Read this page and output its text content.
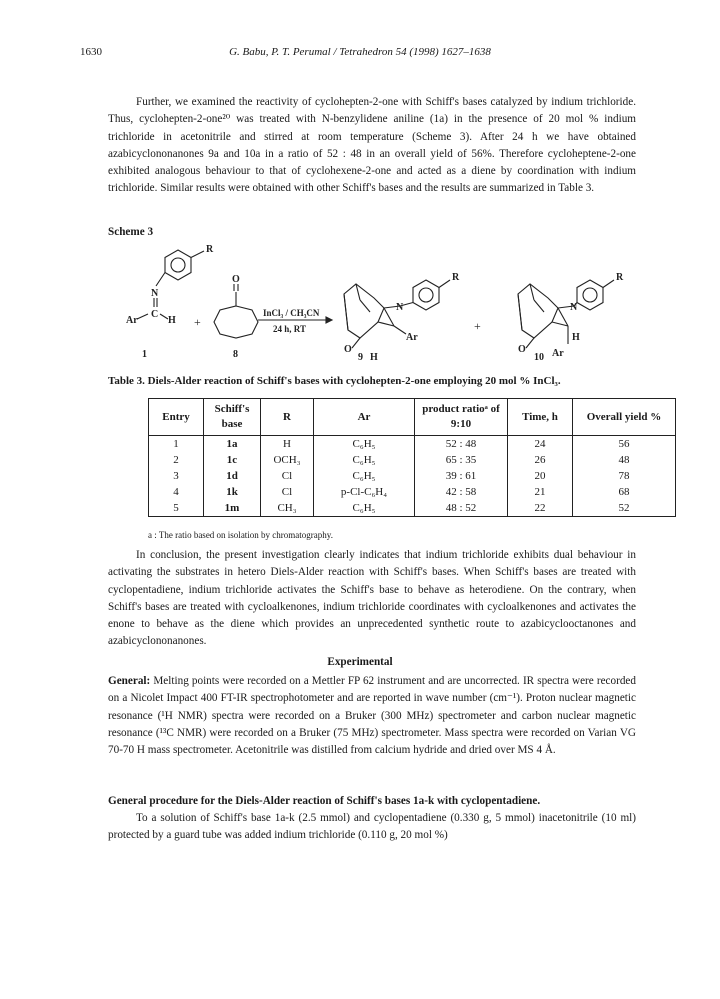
1630	G. Babu, P. T. Perumal / Tetrahedron 54 (1998) 1627–1638

Further, we examined the reactivity of cyclohepten-2-one with Schiff's bases catalyzed by indium trichloride. Thus, cyclohepten-2-one²⁰ was treated with N-benzylidene aniline (1a) in the presence of 20 mol % indium trichloride in acetonitrile and stirred at room temperature (Scheme 3). After 24 h we have obtained azabicyclononanones 9a and 10a in a ratio of 52 : 48 in an overall yield of 56%. Therefore cycloheptene-2-one exhibited analogous behaviour to that of cyclohexene-2-one and acted as a diene by coordination with indium trichloride. Similar results were obtained with other Schiff's bases and the results are summarized in Table 3.

Scheme 3
R
N
C
Ar	H
1
+
O
8
InCl₃ / CH₃CN
24 h, RT
N
R
Ar
O
9 H
+
N
R
H
O
10 Ar
Table 3. Diels-Alder reaction of Schiff's bases with cyclohepten-2-one employing 20 mol % InCl₃.
Entry	Schiff's base	R	Ar	product ratioᵃ of 9:10	Time, h	Overall yield %
1	1a	H	C₆H₅	52 : 48	24	56
2	1c	OCH₃	C₆H₅	65 : 35	26	48
3	1d	Cl	C₆H₅	39 : 61	20	78
4	1k	Cl	p-Cl-C₆H₄	42 : 58	21	68
5	1m	CH₃	C₆H₅	48 : 52	22	52
a : The ratio based on isolation by chromatography.

In conclusion, the present investigation clearly indicates that indium trichloride exhibits dual behaviour in activating the substrates in hetero Diels-Alder reaction with Schiff's bases. When Schiff's bases are treated with cyclopentadiene, indium trichloride activates the Schiff's base to behave as heterodiene. On the contrary, when Schiff's bases are treated with cycloalkenones, indium trichloride coordinates with cycloalkenones and activates the enone to behave as the diene which provides an unprecedented synthetic route to azabicyclooctanones and azabicyclononanones.

Experimental

General: Melting points were recorded on a Mettler FP 62 instrument and are uncorrected. IR spectra were recorded on a Nicolet Impact 400 FT-IR spectrophotometer and are reported in wave number (cm⁻¹). Proton nuclear magnetic resonance (¹H NMR) spectra were recorded on a Bruker (300 MHz) spectrometer and carbon nuclear magnetic resonance (¹³C NMR) were recorded on a Bruker (75 MHz) spectrometer. Mass spectra were recorded on Varian VG 70-70 H mass spectrometer. Acetonitrile was distilled from calcium hydride and dried over MS 4 Å.

General procedure for the Diels-Alder reaction of Schiff's bases 1a-k with cyclopentadiene.

To a solution of Schiff's base 1a-k (2.5 mmol) and cyclopentadiene (0.330 g, 5 mmol) inacetonitrile (10 ml) protected by a guard tube was added indium trichloride (0.110 g, 20 mol %)
